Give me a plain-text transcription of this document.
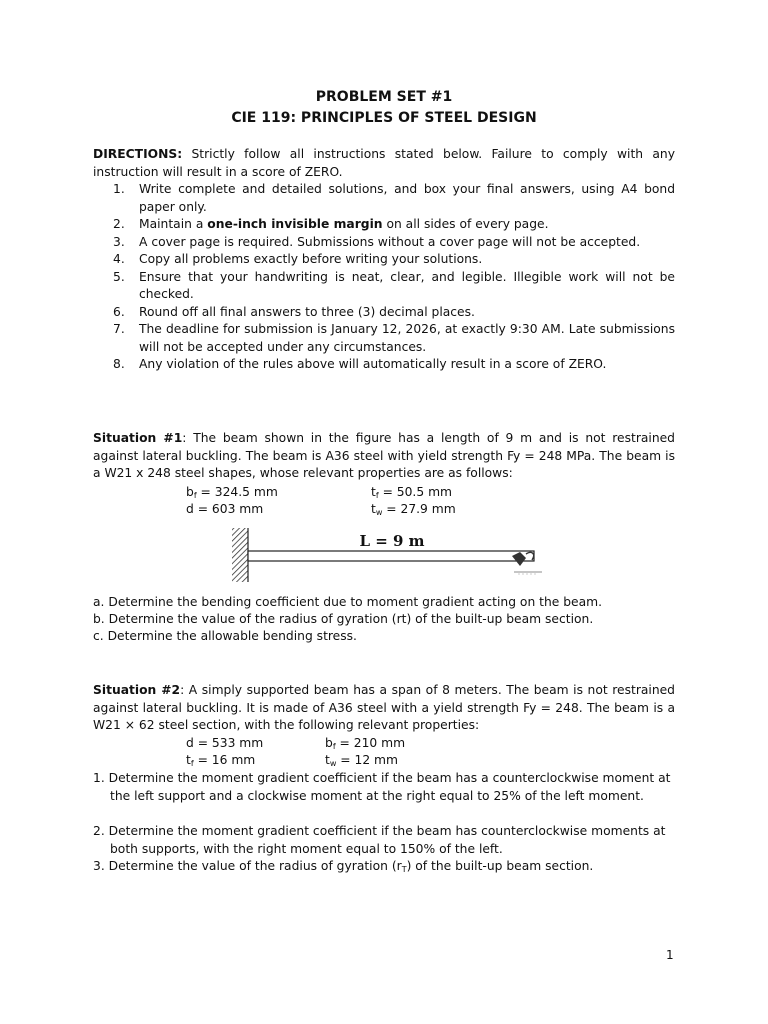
PROBLEM SET #1
CIE 119: PRINCIPLES OF STEEL DESIGN

DIRECTIONS: Strictly follow all instructions stated below. Failure to comply with any instruction will result in a score of ZERO.

1. Write complete and detailed solutions, and box your final answers, using A4 bond paper only.
2. Maintain a one-inch invisible margin on all sides of every page.
3. A cover page is required. Submissions without a cover page will not be accepted.
4. Copy all problems exactly before writing your solutions.
5. Ensure that your handwriting is neat, clear, and legible. Illegible work will not be checked.
6. Round off all final answers to three (3) decimal places.
7. The deadline for submission is January 12, 2026, at exactly 9:30 AM. Late submissions will not be accepted under any circumstances.
8. Any violation of the rules above will automatically result in a score of ZERO.

Situation #1: The beam shown in the figure has a length of 9 m and is not restrained against lateral buckling. The beam is A36 steel with yield strength Fy = 248 MPa. The beam is a W21 x 248 steel shapes, whose relevant properties are as follows:

$b_f = 324.5$ mm	$t_f = 50.5$ mm
d = 603 mm	$t_w = 27.9$ mm
L = 9 m
a. Determine the bending coefficient due to moment gradient acting on the beam.
b. Determine the value of the radius of gyration (rt) of the built-up beam section.
c. Determine the allowable bending stress.

Situation #2: A simply supported beam has a span of 8 meters. The beam is not restrained against lateral buckling. It is made of A36 steel with a yield strength Fy = 248. The beam is a W21 × 62 steel section, with the following relevant properties:

d = 533 mm	$b_f = 210$ mm
$t_f = 16$ mm	$t_w = 12$ mm
1. Determine the moment gradient coefficient if the beam has a counterclockwise moment at the left support and a clockwise moment at the right equal to 25% of the left moment.
2. Determine the moment gradient coefficient if the beam has counterclockwise moments at both supports, with the right moment equal to 150% of the left.
3. Determine the value of the radius of gyration $(r_T)$ of the built-up beam section.
1
